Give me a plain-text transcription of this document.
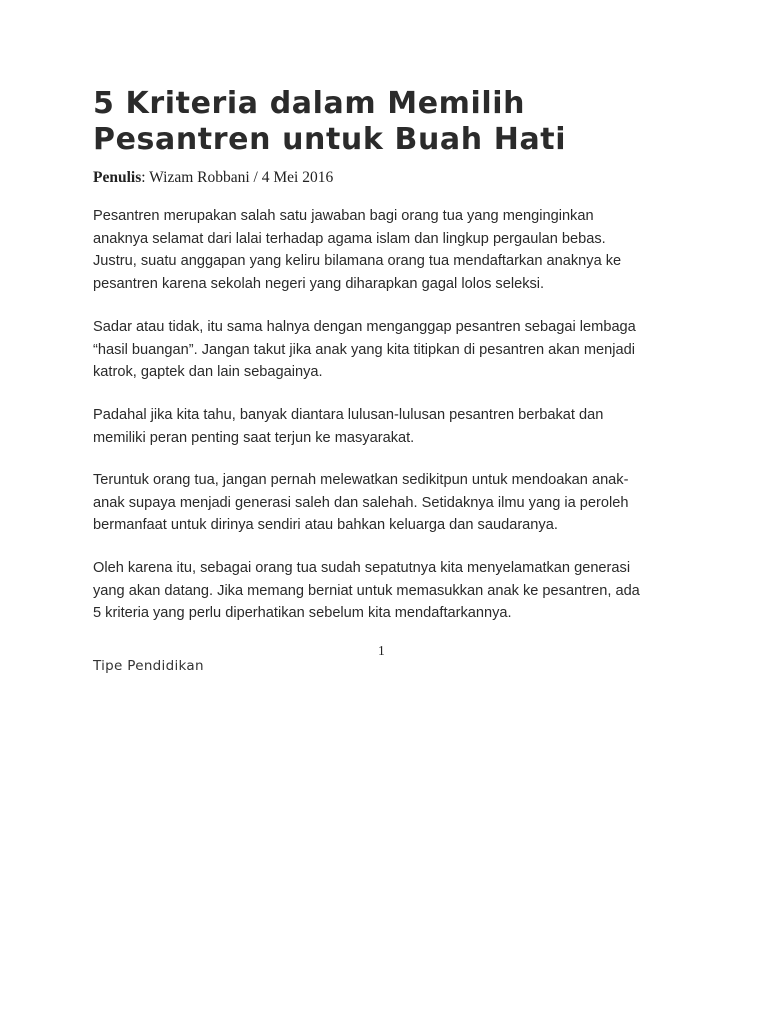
5 Kriteria dalam Memilih
Pesantren untuk Buah Hati

Penulis: Wizam Robbani / 4 Mei 2016

Pesantren merupakan salah satu jawaban bagi orang tua yang menginginkan
anaknya selamat dari lalai terhadap agama islam dan lingkup pergaulan bebas.
Justru, suatu anggapan yang keliru bilamana orang tua mendaftarkan anaknya ke
pesantren karena sekolah negeri yang diharapkan gagal lolos seleksi.

Sadar atau tidak, itu sama halnya dengan menganggap pesantren sebagai lembaga
“hasil buangan”. Jangan takut jika anak yang kita titipkan di pesantren akan menjadi
katrok, gaptek dan lain sebagainya.

Padahal jika kita tahu, banyak diantara lulusan-lulusan pesantren berbakat dan
memiliki peran penting saat terjun ke masyarakat.

Teruntuk orang tua, jangan pernah melewatkan sedikitpun untuk mendoakan anak-
anak supaya menjadi generasi saleh dan salehah. Setidaknya ilmu yang ia peroleh
bermanfaat untuk dirinya sendiri atau bahkan keluarga dan saudaranya.

Oleh karena itu, sebagai orang tua sudah sepatutnya kita menyelamatkan generasi
yang akan datang. Jika memang berniat untuk memasukkan anak ke pesantren, ada
5 kriteria yang perlu diperhatikan sebelum kita mendaftarkannya.

1

Tipe Pendidikan
